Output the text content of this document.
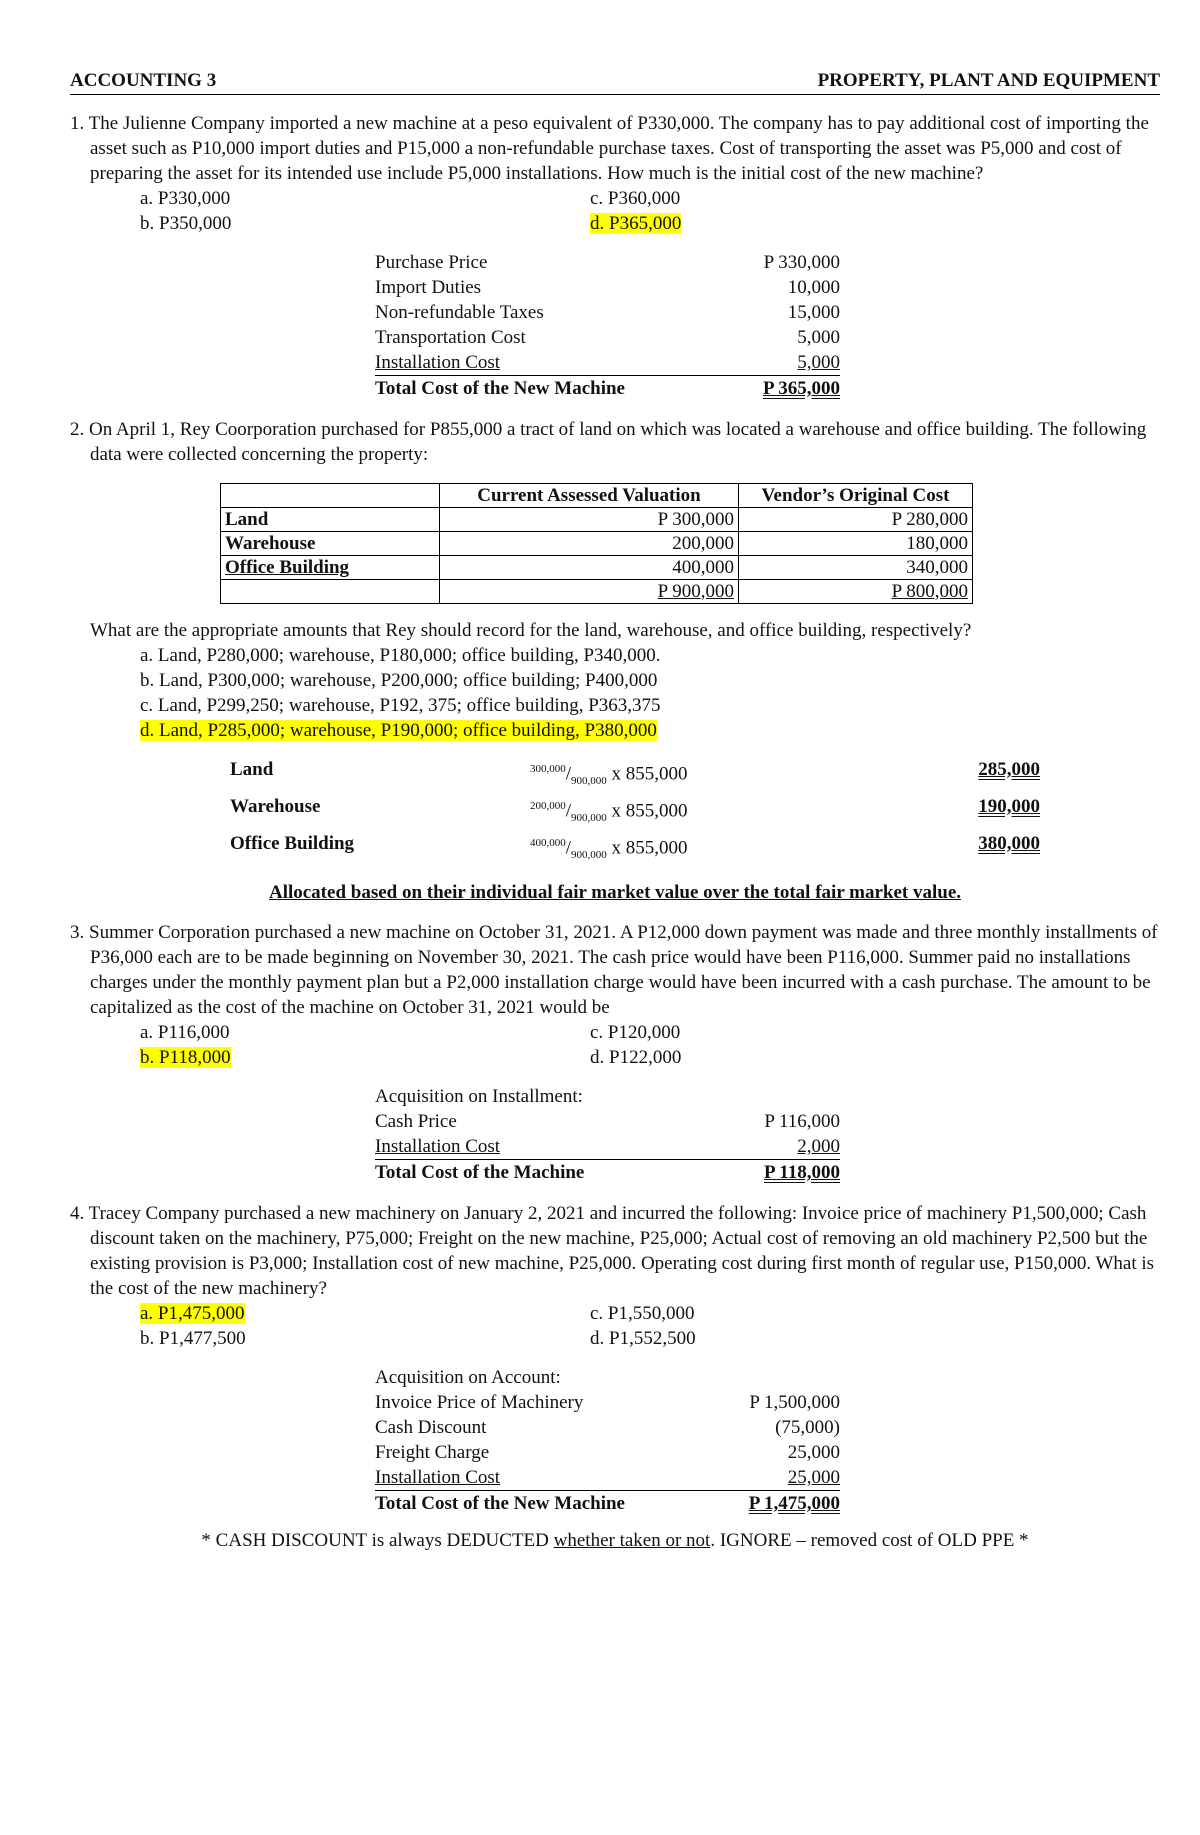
ACCOUNTING 3	PROPERTY, PLANT AND EQUIPMENT
1. The Julienne Company imported a new machine at a peso equivalent of P330,000. The company has to pay additional cost of importing the asset such as P10,000 import duties and P15,000 a non-refundable purchase taxes. Cost of transporting the asset was P5,000 and cost of preparing the asset for its intended use include P5,000 installations. How much is the initial cost of the new machine?
a. P330,000	c. P360,000
b. P350,000	d. P365,000
Purchase Price	P 330,000
Import Duties	10,000
Non-refundable Taxes	15,000
Transportation Cost	5,000
Installation Cost	5,000
Total Cost of the New Machine	P 365,000
2. On April 1, Rey Coorporation purchased for P855,000 a tract of land on which was located a warehouse and office building. The following data were collected concerning the property:
	Current Assessed Valuation	Vendor’s Original Cost
Land	P 300,000	P 280,000
Warehouse	200,000	180,000
Office Building	400,000	340,000
	P 900,000	P 800,000
What are the appropriate amounts that Rey should record for the land, warehouse, and office building, respectively?
a. Land, P280,000; warehouse, P180,000; office building, P340,000.
b. Land, P300,000; warehouse, P200,000; office building; P400,000
c. Land, P299,250; warehouse, P192, 375; office building, P363,375
d. Land, P285,000; warehouse, P190,000; office building, P380,000
Land	$^{300,000}/_{900,000}$ x 855,000	285,000
Warehouse	$^{200,000}/_{900,000}$ x 855,000	190,000
Office Building	$^{400,000}/_{900,000}$ x 855,000	380,000
Allocated based on their individual fair market value over the total fair market value.
3. Summer Corporation purchased a new machine on October 31, 2021. A P12,000 down payment was made and three monthly installments of P36,000 each are to be made beginning on November 30, 2021. The cash price would have been P116,000. Summer paid no installations charges under the monthly payment plan but a P2,000 installation charge would have been incurred with a cash purchase. The amount to be capitalized as the cost of the machine on October 31, 2021 would be
a. P116,000	c. P120,000
b. P118,000	d. P122,000
Acquisition on Installment:
Cash Price	P 116,000
Installation Cost	2,000
Total Cost of the Machine	P 118,000
4. Tracey Company purchased a new machinery on January 2, 2021 and incurred the following: Invoice price of machinery P1,500,000; Cash discount taken on the machinery, P75,000; Freight on the new machine, P25,000; Actual cost of removing an old machinery P2,500 but the existing provision is P3,000; Installation cost of new machine, P25,000. Operating cost during first month of regular use, P150,000. What is the cost of the new machinery?
a. P1,475,000	c. P1,550,000
b. P1,477,500	d. P1,552,500
Acquisition on Account:
Invoice Price of Machinery	P 1,500,000
Cash Discount	(75,000)
Freight Charge	25,000
Installation Cost	25,000
Total Cost of the New Machine	P 1,475,000
* CASH DISCOUNT is always DEDUCTED whether taken or not. IGNORE – removed cost of OLD PPE *
